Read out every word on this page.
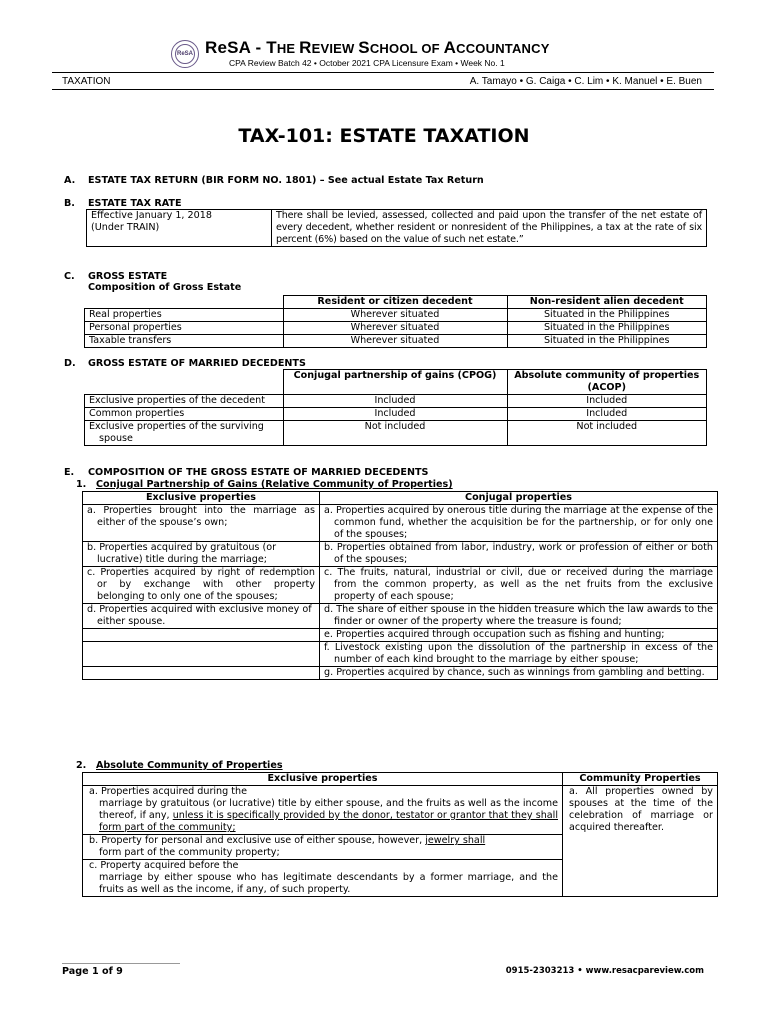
ReSA ReSA - THE REVIEW SCHOOL OF ACCOUNTANCY
CPA Review Batch 42 • October 2021 CPA Licensure Exam • Week No. 1
TAXATION	A. Tamayo • G. Caiga • C. Lim • K. Manuel • E. Buen
TAX-101: ESTATE TAXATION
A. ESTATE TAX RETURN (BIR FORM NO. 1801) – See actual Estate Tax Return
B. ESTATE TAX RATE
Effective January 1, 2018
(Under TRAIN)	There shall be levied, assessed, collected and paid upon the transfer of the net estate of every decedent, whether resident or nonresident of the Philippines, a tax at the rate of six percent (6%) based on the value of such net estate.”
C. GROSS ESTATE
Composition of Gross Estate
	Resident or citizen decedent	Non-resident alien decedent
Real properties	Wherever situated	Situated in the Philippines
Personal properties	Wherever situated	Situated in the Philippines
Taxable transfers	Wherever situated	Situated in the Philippines
D. GROSS ESTATE OF MARRIED DECEDENTS
	Conjugal partnership of gains (CPOG)	Absolute community of properties (ACOP)
Exclusive properties of the decedent	Included	Included
Common properties	Included	Included
Exclusive properties of the surviving spouse	Not included	Not included
E. COMPOSITION OF THE GROSS ESTATE OF MARRIED DECEDENTS
1. Conjugal Partnership of Gains (Relative Community of Properties)
Exclusive properties	Conjugal properties
a. Properties brought into the marriage as either of the spouse’s own;	a. Properties acquired by onerous title during the marriage at the expense of the common fund, whether the acquisition be for the partnership, or for only one of the spouses;
b. Properties acquired by gratuitous (or lucrative) title during the marriage;	b. Properties obtained from labor, industry, work or profession of either or both of the spouses;
c. Properties acquired by right of redemption or by exchange with other property belonging to only one of the spouses;	c. The fruits, natural, industrial or civil, due or received during the marriage from the common property, as well as the net fruits from the exclusive property of each spouse;
d. Properties acquired with exclusive money of either spouse.	d. The share of either spouse in the hidden treasure which the law awards to the finder or owner of the property where the treasure is found;
	e. Properties acquired through occupation such as fishing and hunting;
	f. Livestock existing upon the dissolution of the partnership in excess of the number of each kind brought to the marriage by either spouse;
	g. Properties acquired by chance, such as winnings from gambling and betting.
2. Absolute Community of Properties
Exclusive properties	Community Properties

a. Properties acquired during the
marriage by gratuitous (or lucrative) title by either spouse, and the fruits as well as the income thereof, if any, unless it is specifically provided by the donor, testator or grantor that they shall form part of the community;	a. All properties owned by spouses at the time of the celebration of marriage or acquired thereafter.

b. Property for personal and exclusive use of either spouse, however, jewelry shall
form part of the community property;	

c. Property acquired before the
marriage by either spouse who has legitimate descendants by a former marriage, and the fruits as well as the income, if any, of such property.	
Page 1 of 9	0915-2303213 • www.resacpareview.com
